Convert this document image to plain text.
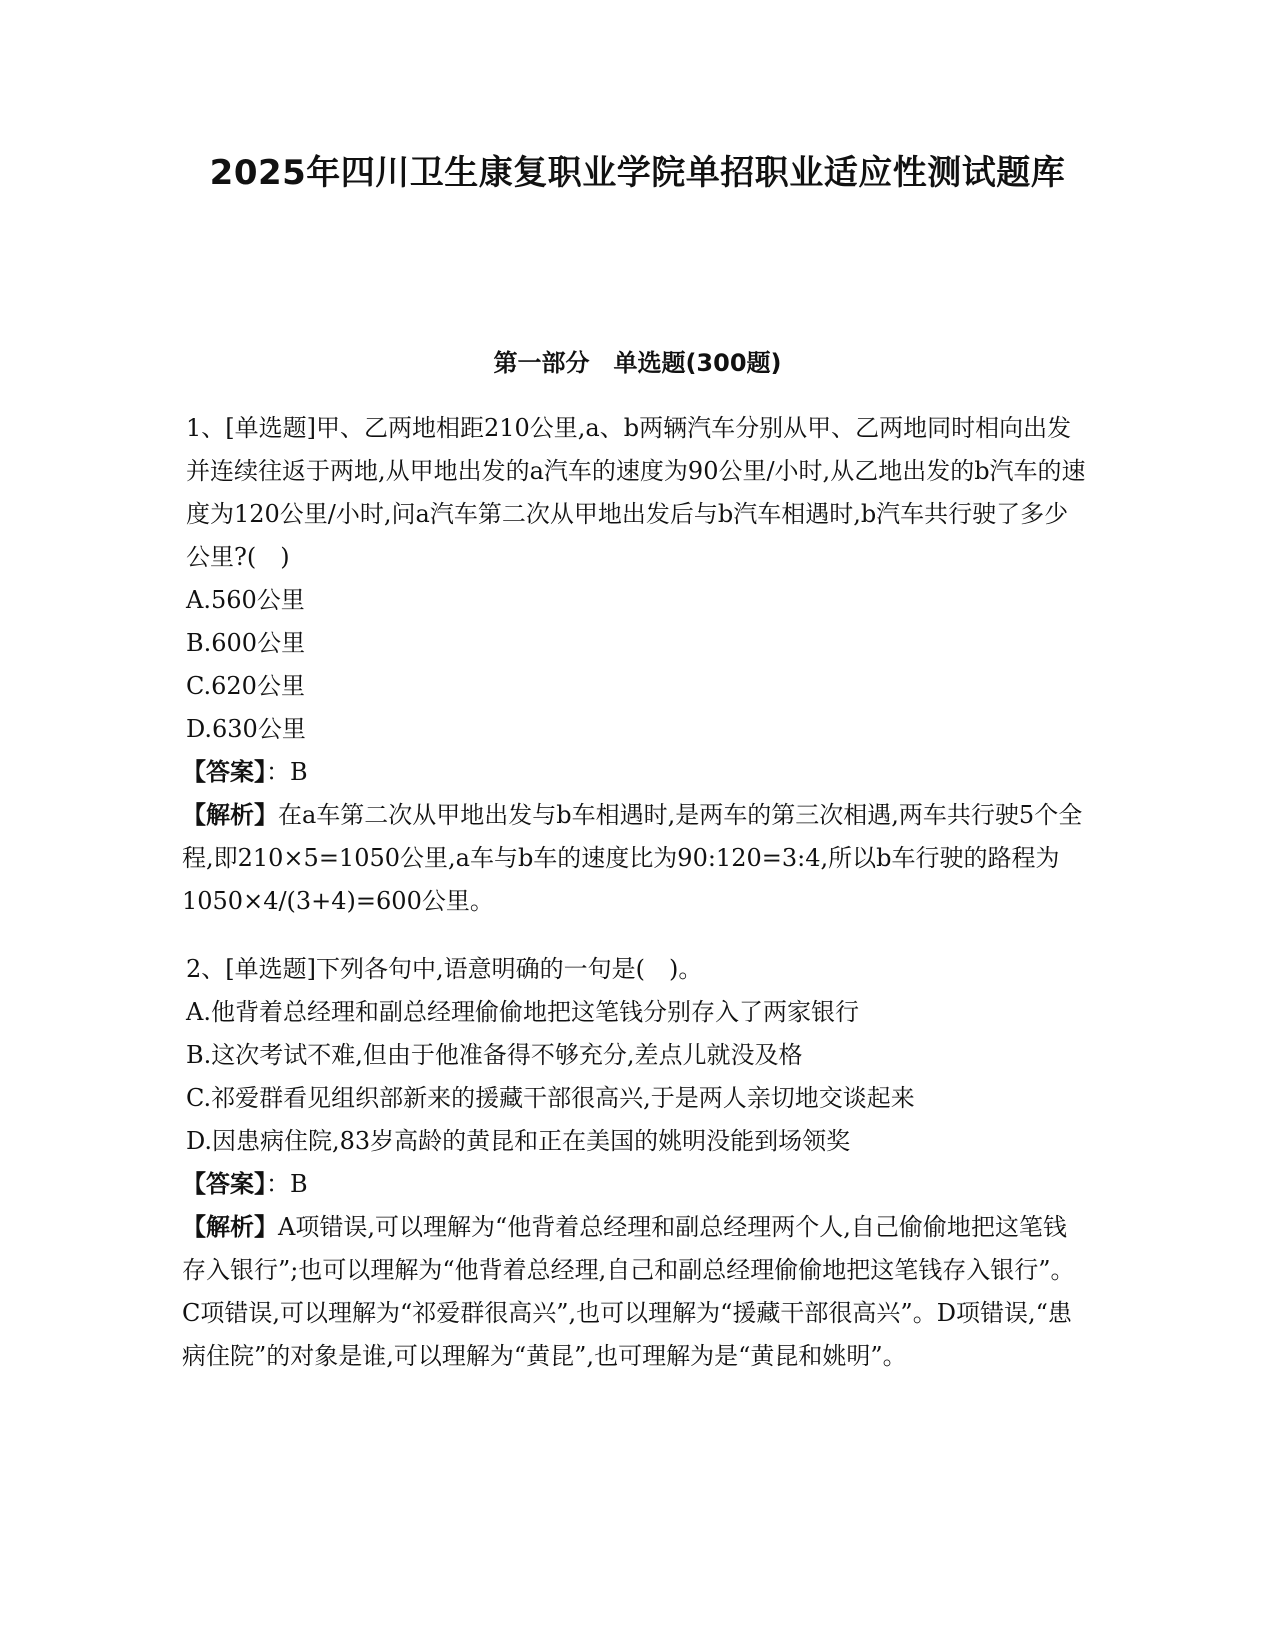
2025年四川卫生康复职业学院单招职业适应性测试题库
第一部分　单选题(300题)

1、[单选题]甲、乙两地相距210公里,a、b两辆汽车分别从甲、乙两地同时相向出发并连续往返于两地,从甲地出发的a汽车的速度为90公里/小时,从乙地出发的b汽车的速度为120公里/小时,问a汽车第二次从甲地出发后与b汽车相遇时,b汽车共行驶了多少公里?(　)

A.560公里

B.600公里

C.620公里

D.630公里

【答案】：B

【解析】在a车第二次从甲地出发与b车相遇时,是两车的第三次相遇,两车共行驶5个全程,即210×5=1050公里,a车与b车的速度比为90:120=3:4,所以b车行驶的路程为1050×4/(3+4)=600公里。

2、[单选题]下列各句中,语意明确的一句是(　)。

A.他背着总经理和副总经理偷偷地把这笔钱分别存入了两家银行

B.这次考试不难,但由于他准备得不够充分,差点儿就没及格

C.祁爱群看见组织部新来的援藏干部很高兴,于是两人亲切地交谈起来

D.因患病住院,83岁高龄的黄昆和正在美国的姚明没能到场领奖

【答案】：B

【解析】A项错误,可以理解为“他背着总经理和副总经理两个人,自己偷偷地把这笔钱存入银行”;也可以理解为“他背着总经理,自己和副总经理偷偷地把这笔钱存入银行”。C项错误,可以理解为“祁爱群很高兴”,也可以理解为“援藏干部很高兴”。D项错误,“患病住院”的对象是谁,可以理解为“黄昆”,也可理解为是“黄昆和姚明”。
